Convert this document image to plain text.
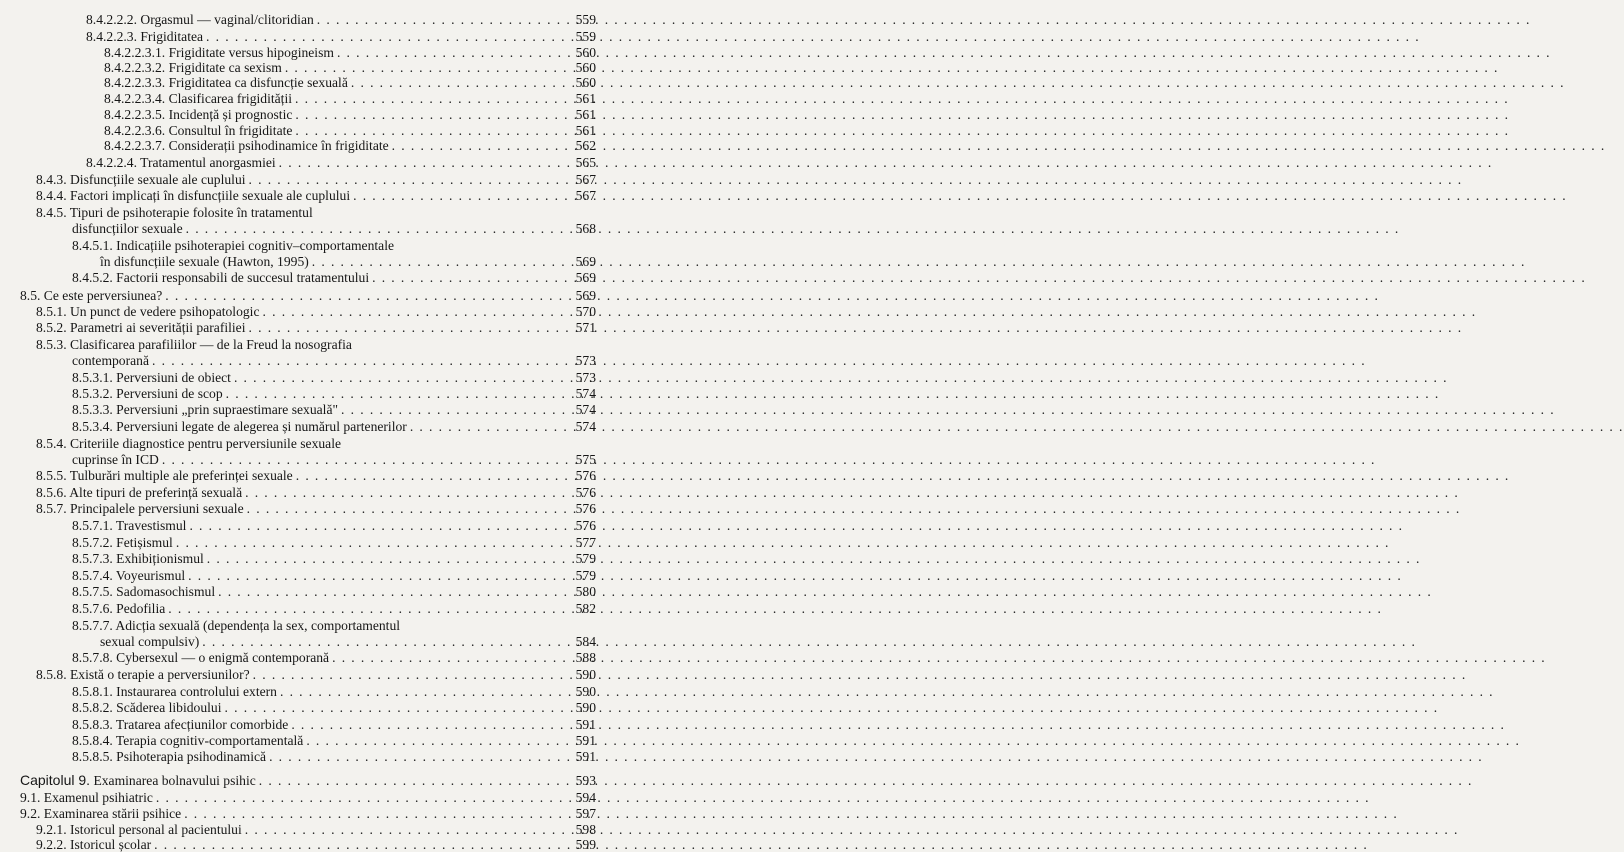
8.4.2.2.2. Orgasmul — vaginal/clitoridian . . .	559
8.4.2.2.3. Frigiditatea . . .	559
8.4.2.2.3.1. Frigiditate versus hipogineism . . .	560
8.4.2.2.3.2. Frigiditate ca sexism . . .	560
8.4.2.2.3.3. Frigiditatea ca disfuncție sexuală . . .	560
8.4.2.2.3.4. Clasificarea frigidității . . .	561
8.4.2.2.3.5. Incidență și prognostic . . .	561
8.4.2.2.3.6. Consultul în frigiditate . . .	561
8.4.2.2.3.7. Considerații psihodinamice în frigiditate . . .	562
8.4.2.2.4. Tratamentul anorgasmiei . . .	565
8.4.3. Disfuncțiile sexuale ale cuplului . . .	567
8.4.4. Factori implicați în disfuncțiile sexuale ale cuplului . . .	567
8.4.5. Tipuri de psihoterapie folosite în tratamentul
disfuncțiilor sexuale . . .	568
8.4.5.1. Indicațiile psihoterapiei cognitiv–comportamentale
în disfuncțiile sexuale (Hawton, 1995) . . .	569
8.4.5.2. Factorii responsabili de succesul tratamentului . . .	569
8.5. Ce este perversiunea? . . .	569
8.5.1. Un punct de vedere psihopatologic . . .	570
8.5.2. Parametri ai severității parafiliei . . .	571
8.5.3. Clasificarea parafiliilor — de la Freud la nosografia
contemporană . . .	573
8.5.3.1. Perversiuni de obiect . . .	573
8.5.3.2. Perversiuni de scop . . .	574
8.5.3.3. Perversiuni „prin supraestimare sexuală" . . .	574
8.5.3.4. Perversiuni legate de alegerea și numărul partenerilor . . .	574
8.5.4. Criteriile diagnostice pentru perversiunile sexuale
cuprinse în ICD . . .	575
8.5.5. Tulburări multiple ale preferinței sexuale . . .	576
8.5.6. Alte tipuri de preferință sexuală . . .	576
8.5.7. Principalele perversiuni sexuale . . .	576
8.5.7.1. Travestismul . . .	576
8.5.7.2. Fetișismul . . .	577
8.5.7.3. Exhibiționismul . . .	579
8.5.7.4. Voyeurismul . . .	579
8.5.7.5. Sadomasochismul . . .	580
8.5.7.6. Pedofilia . . .	582
8.5.7.7. Adicția sexuală (dependența la sex, comportamentul
sexual compulsiv) . . .	584
8.5.7.8. Cybersexul — o enigmă contemporană . . .	588
8.5.8. Există o terapie a perversiunilor? . . .	590
8.5.8.1. Instaurarea controlului extern . . .	590
8.5.8.2. Scăderea libidoului . . .	590
8.5.8.3. Tratarea afecțiunilor comorbide . . .	591
8.5.8.4. Terapia cognitiv-comportamentală . . .	591
8.5.8.5. Psihoterapia psihodinamică . . .	591
Capitolul 9. Examinarea bolnavului psihic . . .	593
9.1. Examenul psihiatric . . .	594
9.2. Examinarea stării psihice . . .	597
9.2.1. Istoricul personal al pacientului . . .	598
9.2.2. Istoricul școlar . . .	599
